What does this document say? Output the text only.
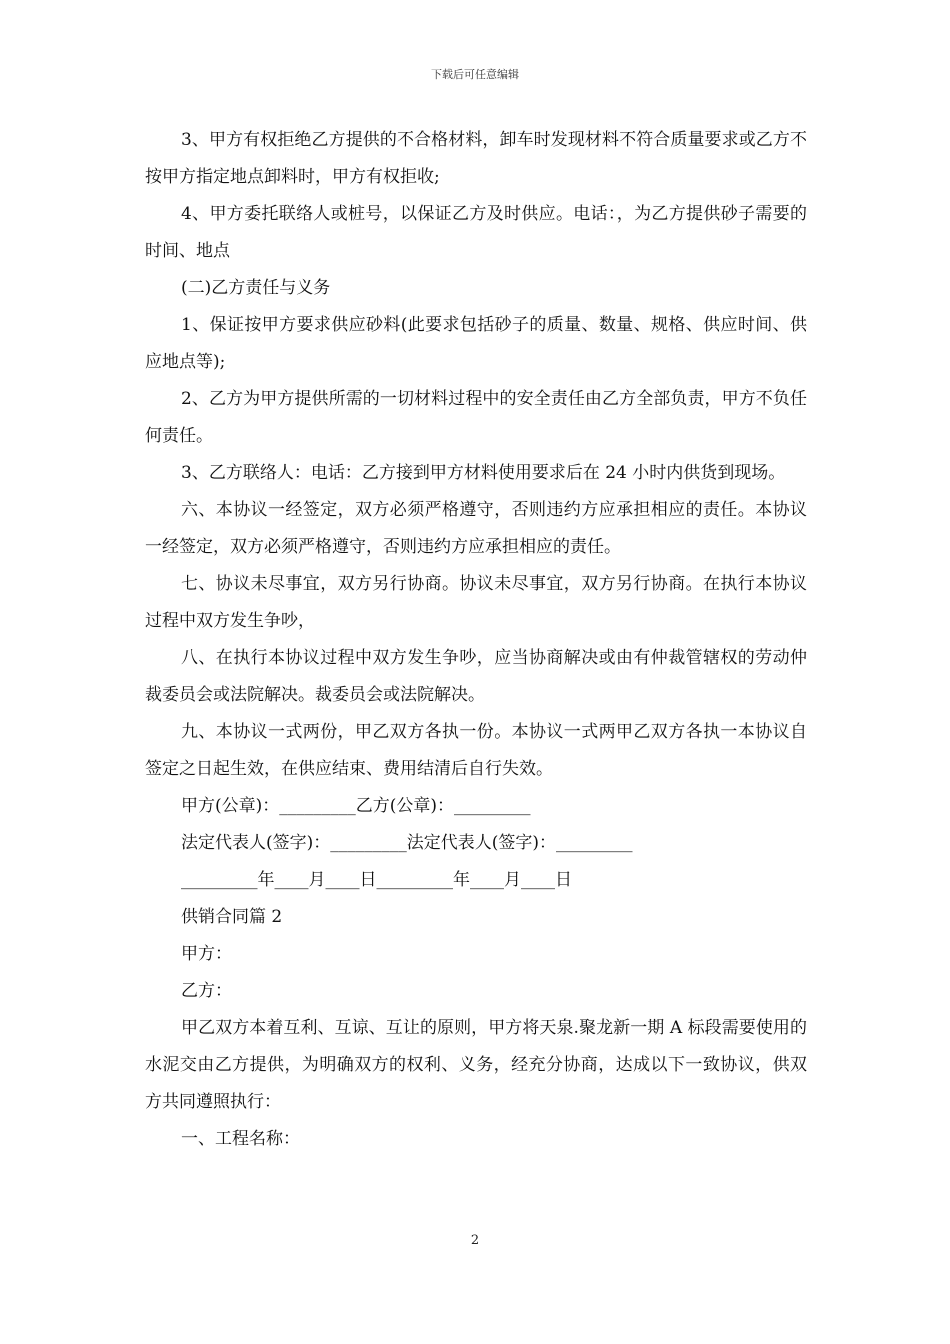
下载后可任意编辑

3、甲方有权拒绝乙方提供的不合格材料，卸车时发现材料不符合质量要求或乙方不按甲方指定地点卸料时，甲方有权拒收;

4、甲方委托联络人或桩号，以保证乙方及时供应。电话：，为乙方提供砂子需要的时间、地点

(二)乙方责任与义务

1、保证按甲方要求供应砂料(此要求包括砂子的质量、数量、规格、供应时间、供应地点等);

2、乙方为甲方提供所需的一切材料过程中的安全责任由乙方全部负责，甲方不负任何责任。

3、乙方联络人：电话：乙方接到甲方材料使用要求后在 24 小时内供货到现场。

六、本协议一经签定，双方必须严格遵守，否则违约方应承担相应的责任。本协议一经签定，双方必须严格遵守，否则违约方应承担相应的责任。

七、协议未尽事宜，双方另行协商。协议未尽事宜，双方另行协商。在执行本协议过程中双方发生争吵，

八、在执行本协议过程中双方发生争吵，应当协商解决或由有仲裁管辖权的劳动仲裁委员会或法院解决。裁委员会或法院解决。

九、本协议一式两份，甲乙双方各执一份。本协议一式两甲乙双方各执一本协议自签定之日起生效，在供应结束、费用结清后自行失效。

甲方(公章)：_________乙方(公章)：_________

法定代表人(签字)：_________法定代表人(签字)：_________

_________年____月____日_________年____月____日

供销合同篇 2

甲方：

乙方：

甲乙双方本着互利、互谅、互让的原则，甲方将天泉.聚龙新一期 A 标段需要使用的水泥交由乙方提供，为明确双方的权利、义务，经充分协商，达成以下一致协议，供双方共同遵照执行：

一、工程名称：

2
